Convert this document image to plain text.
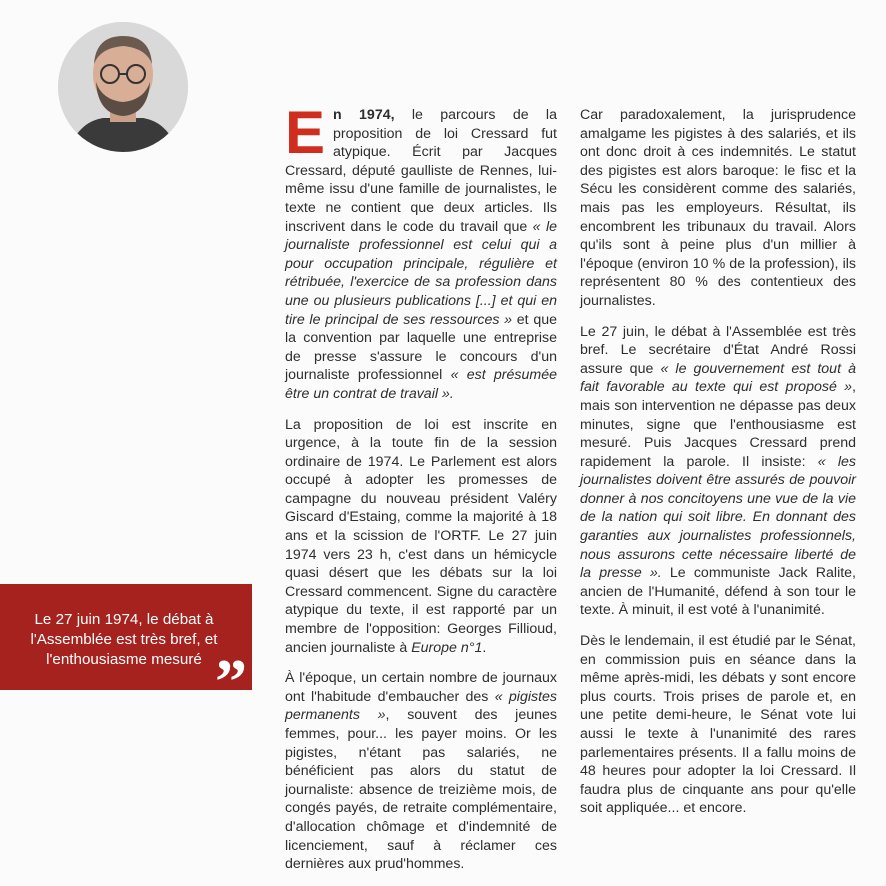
E n 1974, le parcours de la proposition de loi Cressard fut atypique. Écrit par Jacques Cressard, député gaulliste de Rennes, lui-même issu d'une famille de journalistes, le texte ne contient que deux articles. Ils inscrivent dans le code du travail que « le journaliste professionnel est celui qui a pour occupation principale, régulière et rétribuée, l'exercice de sa profession dans une ou plusieurs publications [...] et qui en tire le principal de ses ressources » et que la convention par laquelle une entreprise de presse s'assure le concours d'un journaliste professionnel « est présumée être un contrat de travail ».

La proposition de loi est inscrite en urgence, à la toute fin de la session ordinaire de 1974. Le Parlement est alors occupé à adopter les promesses de campagne du nouveau président Valéry Giscard d'Estaing, comme la majorité à 18 ans et la scission de l'ORTF. Le 27 juin 1974 vers 23 h, c'est dans un hémicycle quasi désert que les débats sur la loi Cressard commencent. Signe du caractère atypique du texte, il est rapporté par un membre de l'opposition: Georges Fillioud, ancien journaliste à Europe n°1.

À l'époque, un certain nombre de journaux ont l'habitude d'embaucher des « pigistes permanents », souvent des jeunes femmes, pour... les payer moins. Or les pigistes, n'étant pas salariés, ne bénéficient pas alors du statut de journaliste: absence de treizième mois, de congés payés, de retraite complémentaire, d'allocation chômage et d'indemnité de licenciement, sauf à réclamer ces dernières aux prud'hommes.

Car paradoxalement, la jurisprudence amalgame les pigistes à des salariés, et ils ont donc droit à ces indemnités. Le statut des pigistes est alors baroque: le fisc et la Sécu les considèrent comme des salariés, mais pas les employeurs. Résultat, ils encombrent les tribunaux du travail. Alors qu'ils sont à peine plus d'un millier à l'époque (environ 10 % de la profession), ils représentent 80 % des contentieux des journalistes.

Le 27 juin, le débat à l'Assemblée est très bref. Le secrétaire d'État André Rossi assure que « le gouvernement est tout à fait favorable au texte qui est proposé », mais son intervention ne dépasse pas deux minutes, signe que l'enthousiasme est mesuré. Puis Jacques Cressard prend rapidement la parole. Il insiste: « les journalistes doivent être assurés de pouvoir donner à nos concitoyens une vue de la vie de la nation qui soit libre. En donnant des garanties aux journalistes professionnels, nous assurons cette nécessaire liberté de la presse ». Le communiste Jack Ralite, ancien de l'Humanité, défend à son tour le texte. À minuit, il est voté à l'unanimité.

Dès le lendemain, il est étudié par le Sénat, en commission puis en séance dans la même après-midi, les débats y sont encore plus courts. Trois prises de parole et, en une petite demi-heure, le Sénat vote lui aussi le texte à l'unanimité des rares parlementaires présents. Il a fallu moins de 48 heures pour adopter la loi Cressard. Il faudra plus de cinquante ans pour qu'elle soit appliquée... et encore.

Le 27 juin 1974, le débat à l'Assemblée est très bref, et l'enthousiasme mesuré ”
